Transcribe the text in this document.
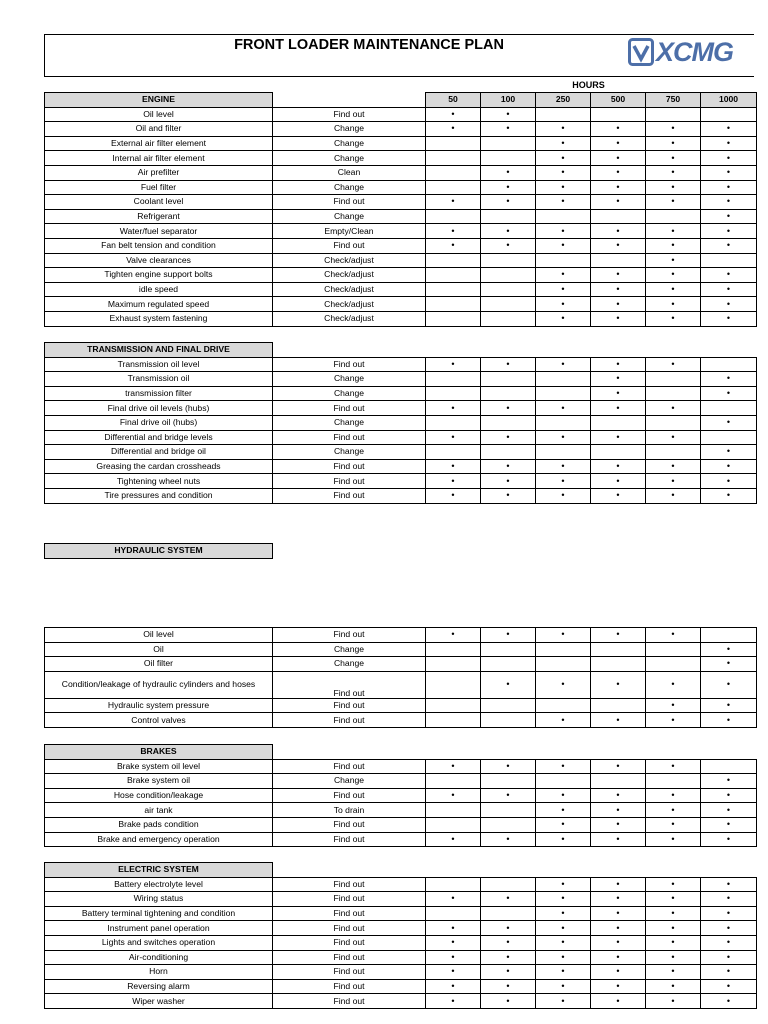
FRONT LOADER MAINTENANCE PLAN	XCMG
HOURS
ENGINE		50	100	250	500	750	1000
Oil level	Find out	•	•				
Oil and filter	Change	•	•	•	•	•	•
External air filter element	Change			•	•	•	•
Internal air filter element	Change			•	•	•	•
Air prefilter	Clean		•	•	•	•	•
Fuel filter	Change		•	•	•	•	•
Coolant level	Find out	•	•	•	•	•	•
Refrigerant	Change						•
Water/fuel separator	Empty/Clean	•	•	•	•	•	•
Fan belt tension and condition	Find out	•	•	•	•	•	•
Valve clearances	Check/adjust					•	
Tighten engine support bolts	Check/adjust			•	•	•	•
idle speed	Check/adjust			•	•	•	•
Maximum regulated speed	Check/adjust			•	•	•	•
Exhaust system fastening	Check/adjust			•	•	•	•
TRANSMISSION AND FINAL DRIVE							
Transmission oil level	Find out	•	•	•	•	•	
Transmission oil	Change				•		•
transmission filter	Change				•		•
Final drive oil levels (hubs)	Find out	•	•	•	•	•	
Final drive oil (hubs)	Change						•
Differential and bridge levels	Find out	•	•	•	•	•	
Differential and bridge oil	Change						•
Greasing the cardan crossheads	Find out	•	•	•	•	•	•
Tightening wheel nuts	Find out	•	•	•	•	•	•
Tire pressures and condition	Find out	•	•	•	•	•	•
HYDRAULIC SYSTEM
Oil level	Find out	•	•	•	•	•	
Oil	Change						•
Oil filter	Change						•
Condition/leakage of hydraulic cylinders and hoses	Find out		•	•	•	•	•
Hydraulic system pressure	Find out					•	•
Control valves	Find out			•	•	•	•
BRAKES							
Brake system oil level	Find out	•	•	•	•	•	
Brake system oil	Change						•
Hose condition/leakage	Find out	•	•	•	•	•	•
air tank	To drain			•	•	•	•
Brake pads condition	Find out			•	•	•	•
Brake and emergency operation	Find out	•	•	•	•	•	•
ELECTRIC SYSTEM							
Battery electrolyte level	Find out			•	•	•	•
Wiring status	Find out	•	•	•	•	•	•
Battery terminal tightening and condition	Find out			•	•	•	•
Instrument panel operation	Find out	•	•	•	•	•	•
Lights and switches operation	Find out	•	•	•	•	•	•
Air-conditioning	Find out	•	•	•	•	•	•
Horn	Find out	•	•	•	•	•	•
Reversing alarm	Find out	•	•	•	•	•	•
Wiper washer	Find out	•	•	•	•	•	•
